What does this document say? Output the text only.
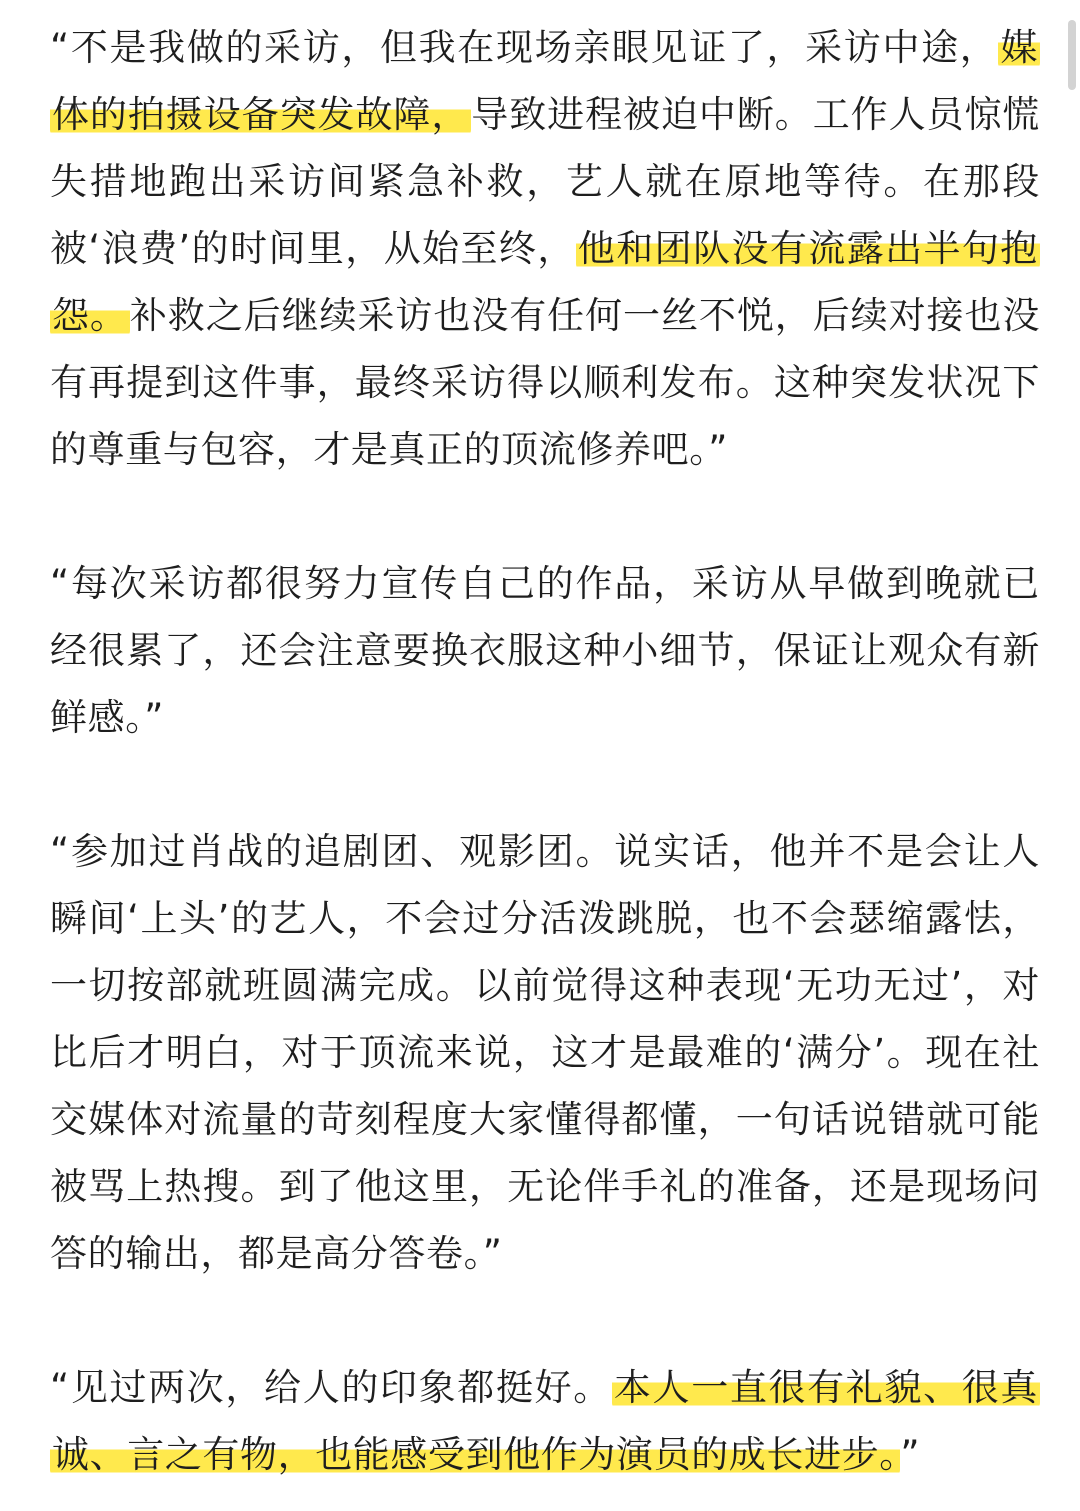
“不是我做的采访，但我在现场亲眼见证了，采访中途，媒体的拍摄设备突发故障，导致进程被迫中断。工作人员惊慌失措地跑出采访间紧急补救，艺人就在原地等待。在那段被‘浪费’的时间里，从始至终，他和团队没有流露出半句抱怨。补救之后继续采访也没有任何一丝不悦，后续对接也没有再提到这件事，最终采访得以顺利发布。这种突发状况下的尊重与包容，才是真正的顶流修养吧。”

“每次采访都很努力宣传自己的作品，采访从早做到晚就已经很累了，还会注意要换衣服这种小细节，保证让观众有新鲜感。”

“参加过肖战的追剧团、观影团。说实话，他并不是会让人瞬间‘上头’的艺人，不会过分活泼跳脱，也不会瑟缩露怯，一切按部就班圆满完成。以前觉得这种表现‘无功无过’，对比后才明白，对于顶流来说，这才是最难的‘满分’。现在社交媒体对流量的苛刻程度大家懂得都懂，一句话说错就可能被骂上热搜。到了他这里，无论伴手礼的准备，还是现场问答的输出，都是高分答卷。”

“见过两次，给人的印象都挺好。本人一直很有礼貌、很真诚、言之有物，也能感受到他作为演员的成长进步。”
